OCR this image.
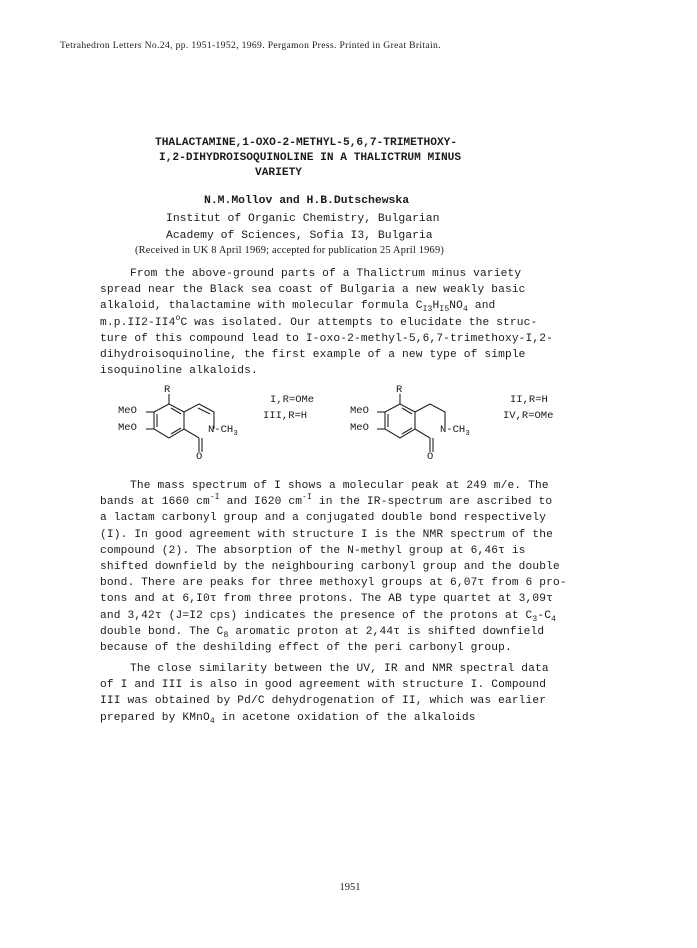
Tetrahedron Letters No.24, pp. 1951-1952, 1969. Pergamon Press. Printed in Great Britain.
THALACTAMINE,1-OXO-2-METHYL-5,6,7-TRIMETHOXY-
I,2-DIHYDROISOQUINOLINE IN A THALICTRUM MINUS
VARIETY
N.M.Mollov and H.B.Dutschewska
Institut of Organic Chemistry, Bulgarian
Academy of Sciences, Sofia I3, Bulgaria
(Received in UK 8 April 1969; accepted for publication 25 April 1969)
From the above-ground parts of a Thalictrum minus variety
spread near the Black sea coast of Bulgaria a new weakly basic
alkaloid, thalactamine with molecular formula $C_{I3}H_{I5}NO_4$ and
m.p.II2-II4$^o$C was isolated. Our attempts to elucidate the struc-
ture of this compound lead to I-oxo-2-methyl-5,6,7-trimethoxy-I,2-
dihydroisoquinoline, the first example of a new type of simple
isoquinoline alkaloids.
R
MeO
MeO	$N-CH_3$
O
I,R=OMe
III,R=H
R
MeO
MeO	$N-CH_3$
O
II,R=H
IV,R=OMe
The mass spectrum of I shows a molecular peak at 249 m/e. The
bands at 1660 $cm^{-I}$ and I620 $cm^{-I}$ in the IR-spectrum are ascribed to
a lactam carbonyl group and a conjugated double bond respectively
(I). In good agreement with structure I is the NMR spectrum of the
compound (2). The absorption of the N-methyl group at 6,46τ is
shifted downfield by the neighbouring carbonyl group and the double
bond. There are peaks for three methoxyl groups at 6,07τ from 6 pro-
tons and at 6,I0τ from three protons. The AB type quartet at 3,09τ
and 3,42τ (J=I2 cps) indicates the presence of the protons at $C_3-C_4$
double bond. The $C_8$ aromatic proton at 2,44τ is shifted downfield
because of the deshilding effect of the peri carbonyl group.
The close similarity between the UV, IR and NMR spectral data
of I and III is also in good agreement with structure I. Compound
III was obtained by Pd/C dehydrogenation of II, which was earlier
prepared by KMnO$_4$ in acetone oxidation of the alkaloids
1951
